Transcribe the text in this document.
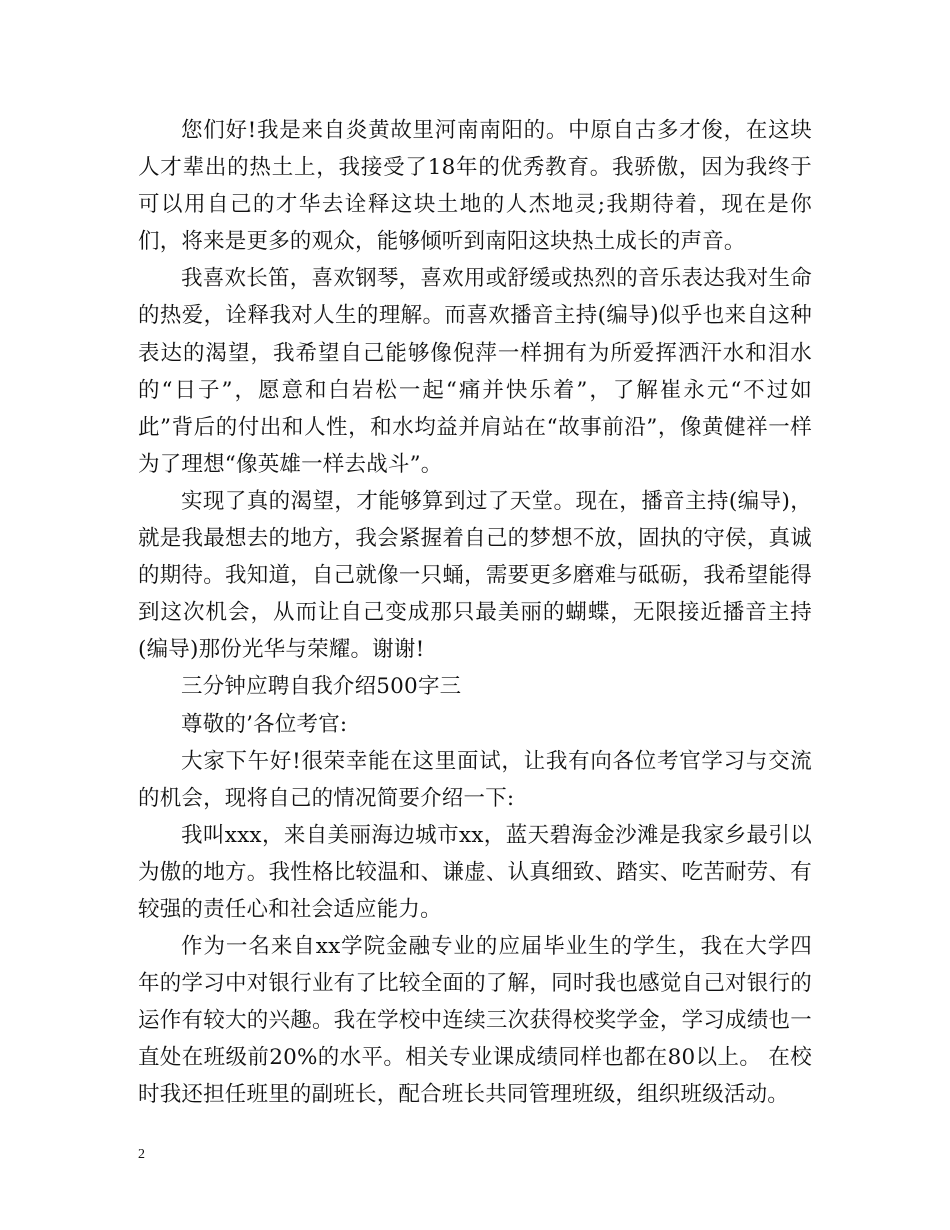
您们好!我是来自炎黄故里河南南阳的。中原自古多才俊，在这块人才辈出的热土上，我接受了18年的优秀教育。我骄傲，因为我终于可以用自己的才华去诠释这块土地的人杰地灵;我期待着，现在是你们，将来是更多的观众，能够倾听到南阳这块热土成长的声音。

我喜欢长笛，喜欢钢琴，喜欢用或舒缓或热烈的音乐表达我对生命的热爱，诠释我对人生的理解。而喜欢播音主持(编导)似乎也来自这种表达的渴望，我希望自己能够像倪萍一样拥有为所爱挥洒汗水和泪水的“日子”，愿意和白岩松一起“痛并快乐着”，了解崔永元“不过如此”背后的付出和人性，和水均益并肩站在“故事前沿”，像黄健祥一样为了理想“像英雄一样去战斗”。

实现了真的渴望，才能够算到过了天堂。现在，播音主持(编导)，就是我最想去的地方，我会紧握着自己的梦想不放，固执的守侯，真诚的期待。我知道，自己就像一只蛹，需要更多磨难与砥砺，我希望能得到这次机会，从而让自己变成那只最美丽的蝴蝶，无限接近播音主持(编导)那份光华与荣耀。谢谢!

三分钟应聘自我介绍500字三

尊敬的’各位考官:

大家下午好!很荣幸能在这里面试，让我有向各位考官学习与交流的机会，现将自己的情况简要介绍一下:

我叫xxx，来自美丽海边城市xx，蓝天碧海金沙滩是我家乡最引以为傲的地方。我性格比较温和、谦虚、认真细致、踏实、吃苦耐劳、有较强的责任心和社会适应能力。

作为一名来自xx学院金融专业的应届毕业生的学生，我在大学四年的学习中对银行业有了比较全面的了解，同时我也感觉自己对银行的运作有较大的兴趣。我在学校中连续三次获得校奖学金，学习成绩也一直处在班级前20%的水平。相关专业课成绩同样也都在80以上。 在校时我还担任班里的副班长，配合班长共同管理班级，组织班级活动。

2
